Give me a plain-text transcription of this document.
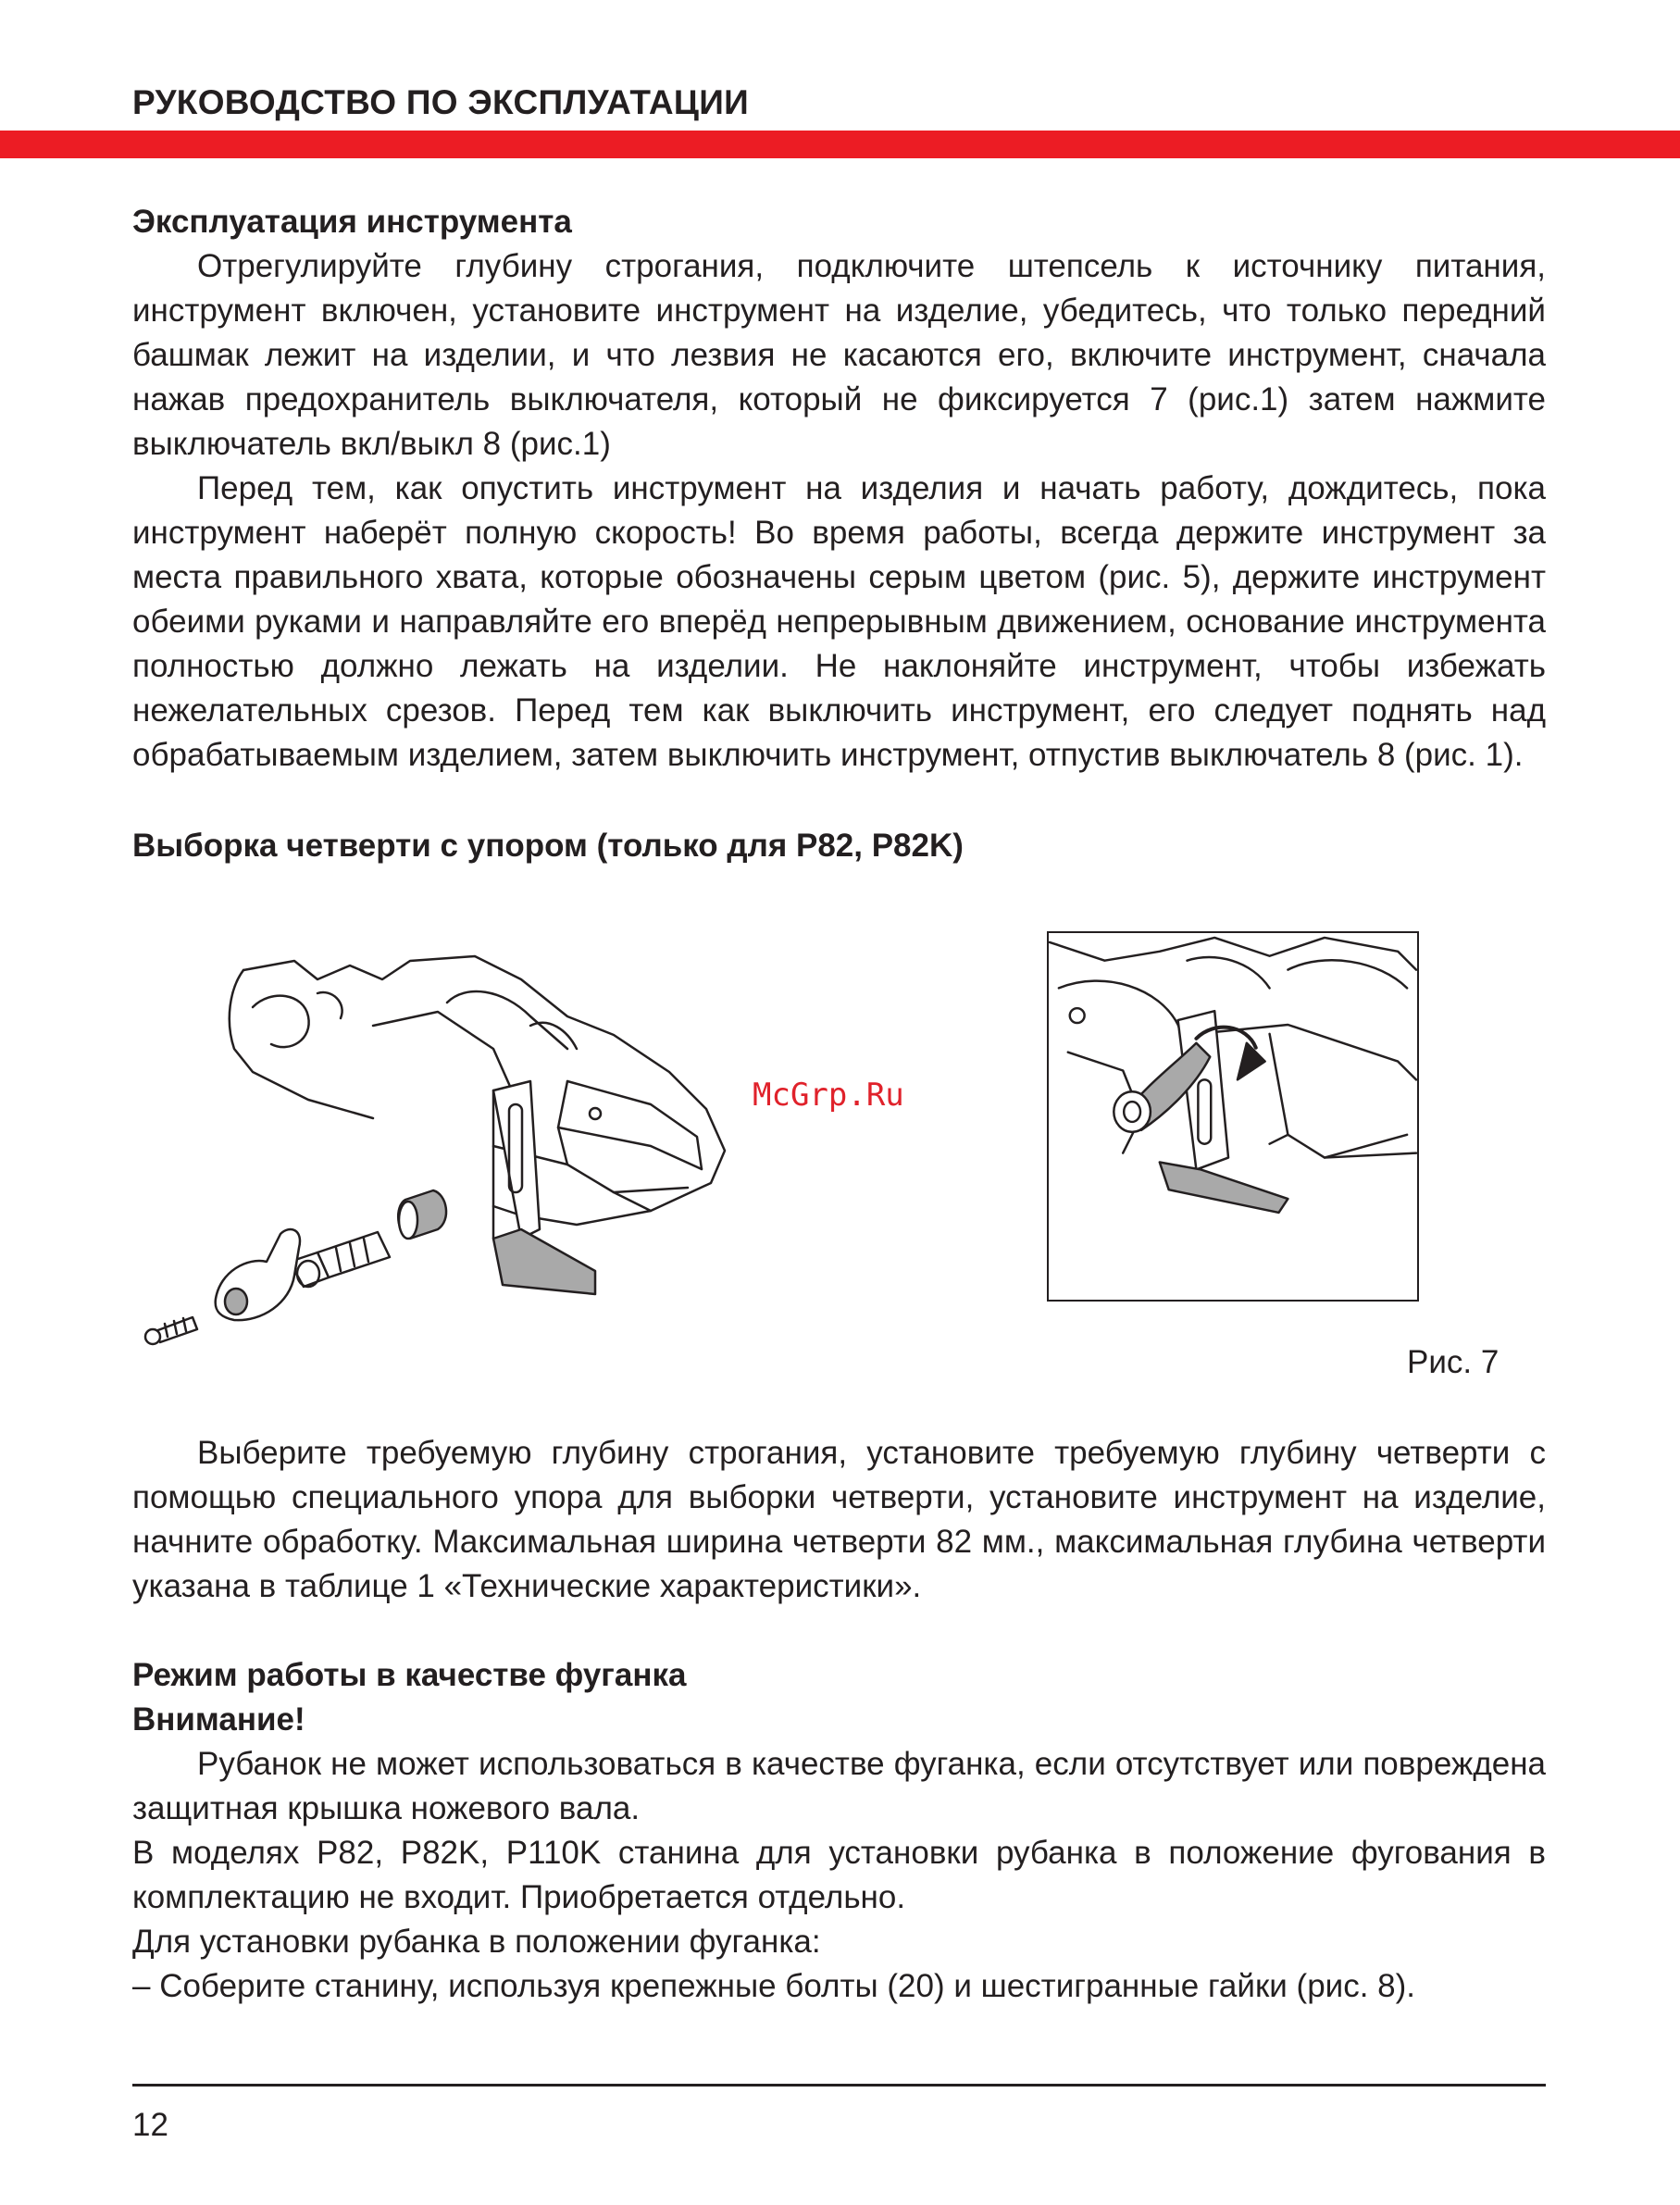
РУКОВОДСТВО ПО ЭКСПЛУАТАЦИИ
Эксплуатация инструмента

Отрегулируйте глубину строгания, подключите штепсель к источнику питания, инструмент включен, установите инструмент на изделие, убедитесь, что только передний башмак лежит на изделии, и что лезвия не касаются его, включите инструмент, сначала нажав предохранитель выключателя, который не фиксируется 7 (рис.1) затем нажмите выключатель вкл/выкл 8 (рис.1)

Перед тем, как опустить инструмент на изделия и начать работу, дождитесь, пока инструмент наберёт полную скорость! Во время работы, всегда держите инструмент за места правильного хвата, которые обозначены серым цветом (рис. 5), держите инструмент обеими руками и направляйте его вперёд непрерывным движением, основание инструмента полностью должно лежать на изделии. Не наклоняйте инструмент, чтобы избежать нежелательных срезов. Перед тем как выключить инструмент, его следует поднять над обрабатываемым изделием, затем выключить инструмент, отпустив выключатель 8 (рис. 1).

Выборка четверти с упором (только для P82, P82K)
Рис. 7

Выберите требуемую глубину строгания, установите требуемую глубину четверти с помощью специального упора для выборки четверти, установите инструмент на изделие, начните обработку. Максимальная ширина четверти 82 мм., максимальная глубина четверти указана в таблице 1 «Технические характеристики».

Режим работы в качестве фуганка
Внимание!

Рубанок не может использоваться в качестве фуганка, если отсутствует или повреждена защитная крышка ножевого вала.

В моделях P82, P82K, P110K станина для установки рубанка в положение фугования в комплектацию не входит. Приобретается отдельно.

Для установки рубанка в положении фуганка:

– Соберите станину, используя крепежные болты (20) и шестигранные гайки (рис. 8).

McGrp.Ru
12
